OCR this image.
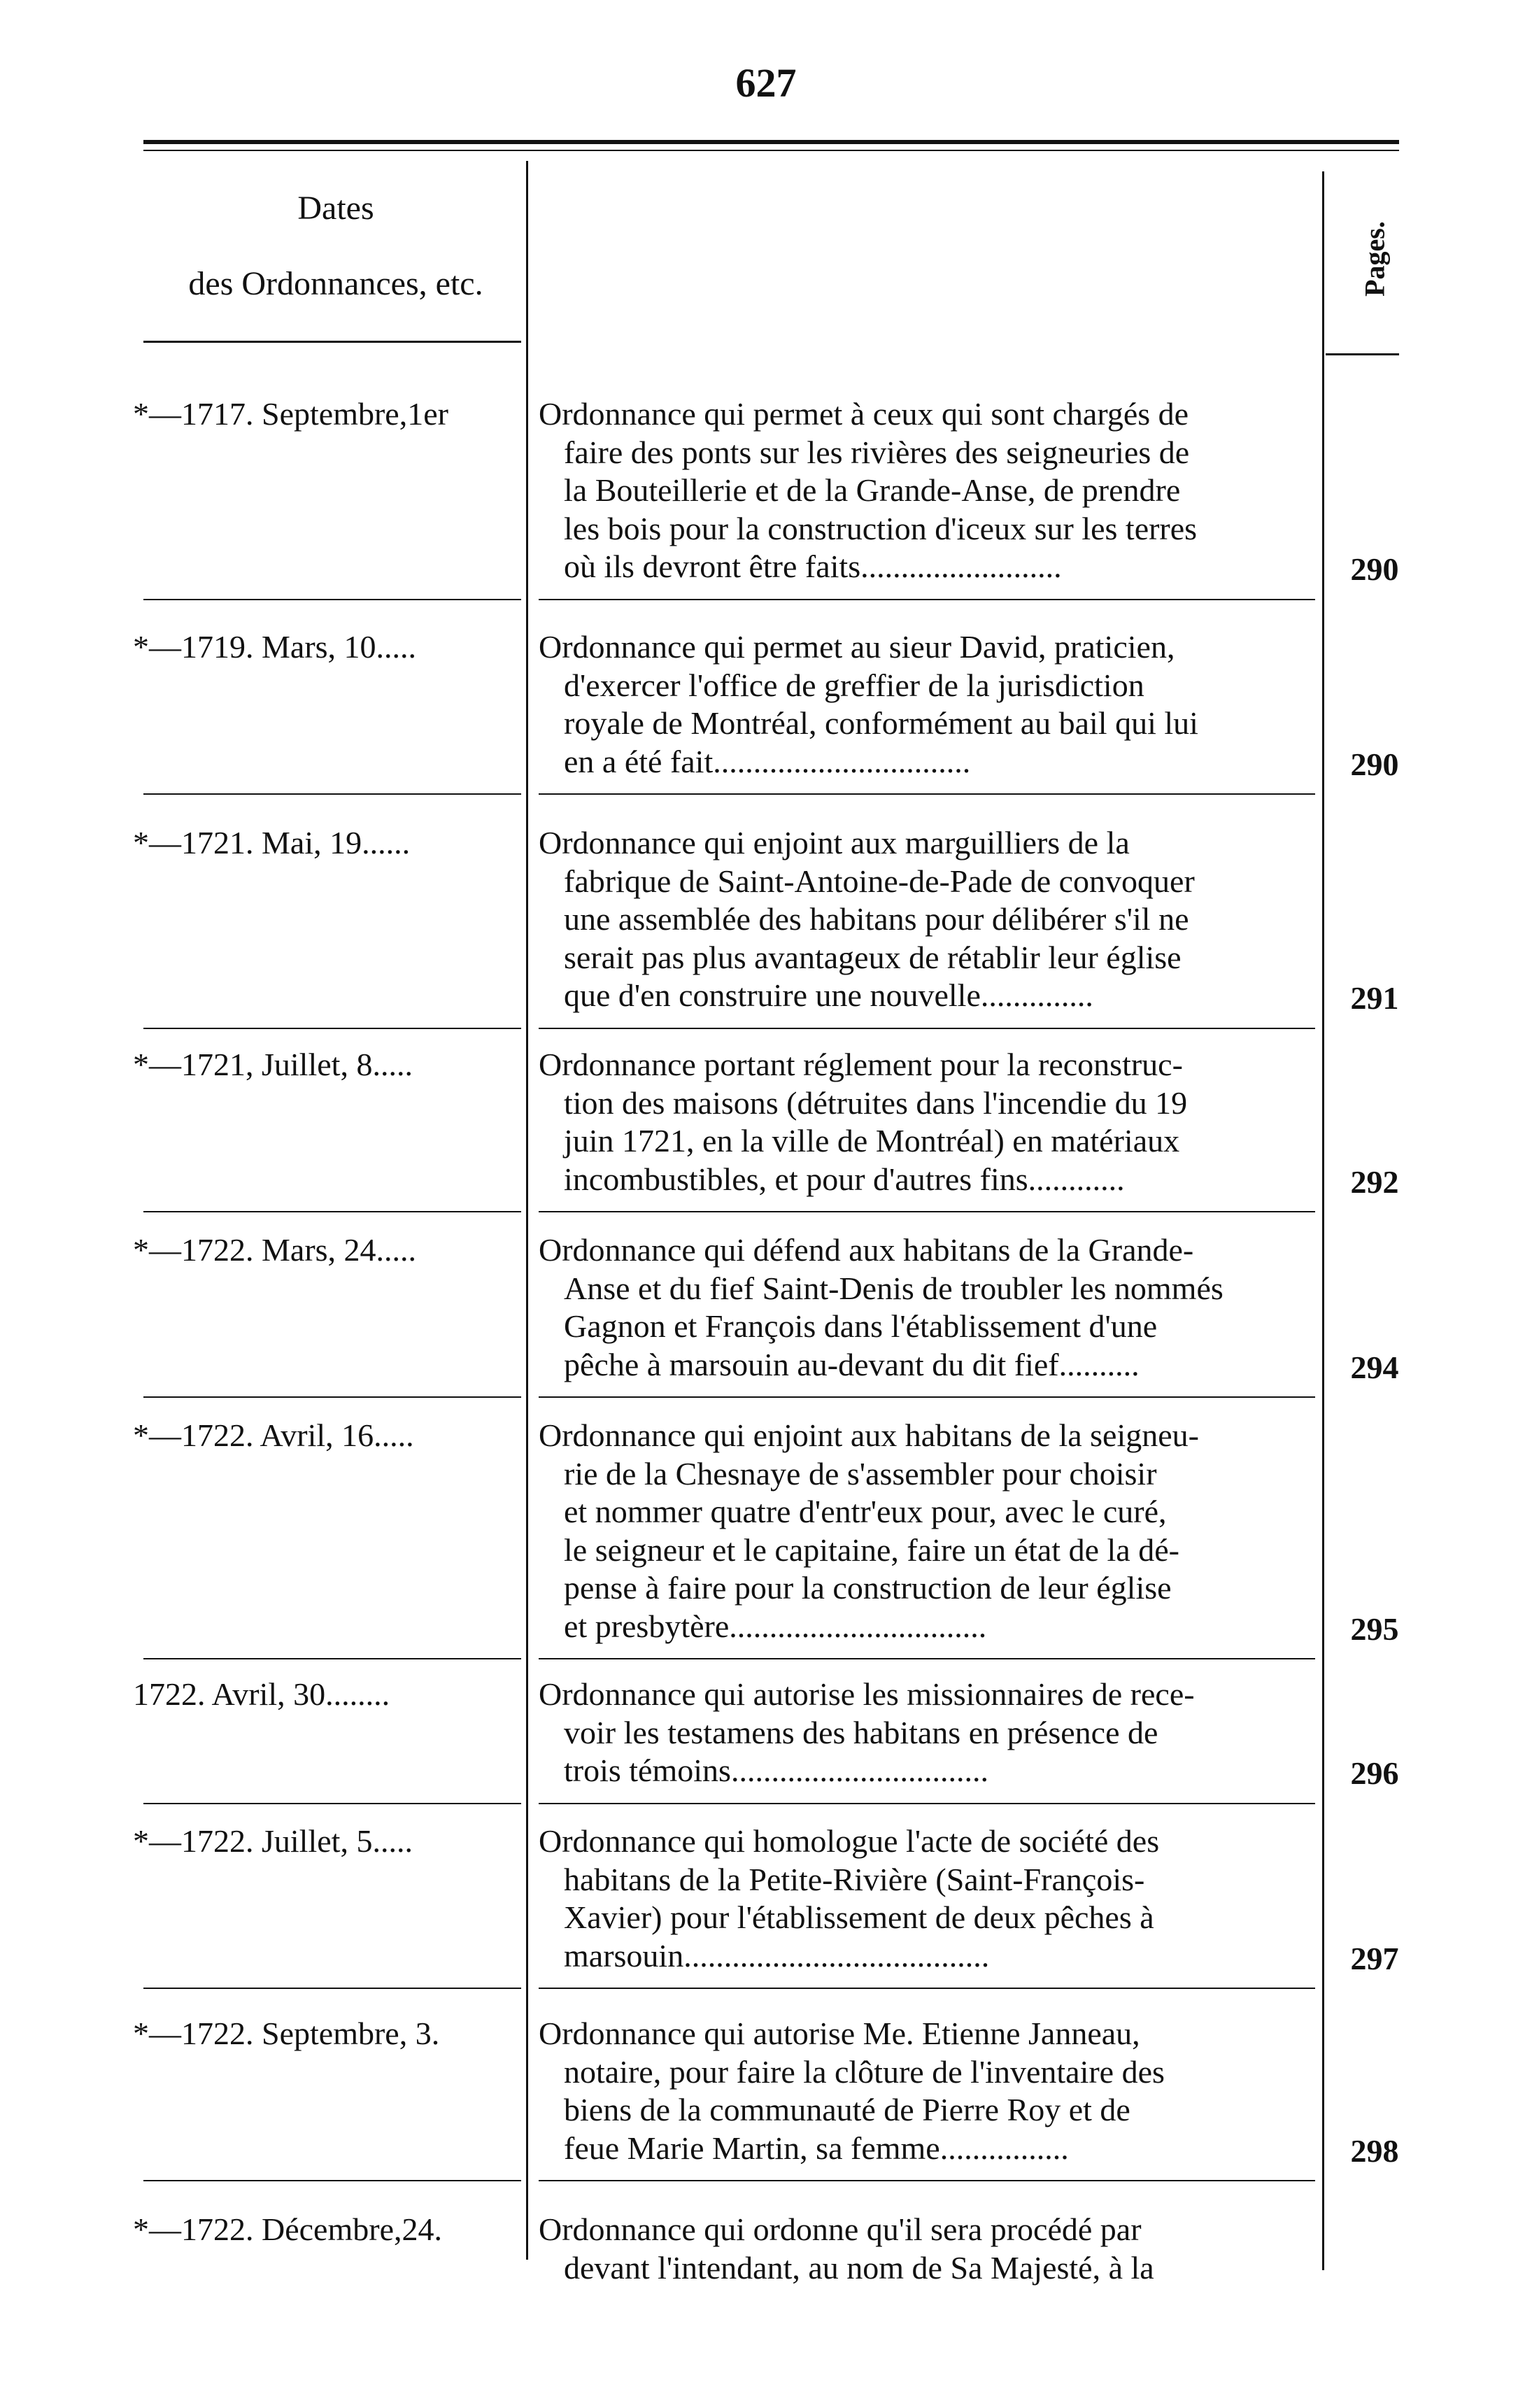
627
Dates
des Ordonnances, etc.	Pages.
*—1717. Septembre,1er	Ordonnance qui permet à ceux qui sont chargés de
faire des ponts sur les rivières des seigneuries de
la Bouteillerie et de la Grande-Anse, de prendre
les bois pour la construction d'iceux sur les terres
où ils devront être faits.........................	290
*—1719. Mars, 10.....	Ordonnance qui permet au sieur David, praticien,
d'exercer l'office de greffier de la jurisdiction
royale de Montréal, conformément au bail qui lui
en a été fait................................	290
*—1721. Mai, 19......	Ordonnance qui enjoint aux marguilliers de la
fabrique de Saint-Antoine-de-Pade de convoquer
une assemblée des habitans pour délibérer s'il ne
serait pas plus avantageux de rétablir leur église
que d'en construire une nouvelle..............	291
*—1721, Juillet, 8.....	Ordonnance portant réglement pour la reconstruc-
tion des maisons (détruites dans l'incendie du 19
juin 1721, en la ville de Montréal) en matériaux
incombustibles, et pour d'autres fins............	292
*—1722. Mars, 24.....	Ordonnance qui défend aux habitans de la Grande-
Anse et du fief Saint-Denis de troubler les nommés
Gagnon et François dans l'établissement d'une
pêche à marsouin au-devant du dit fief..........	294
*—1722. Avril, 16.....	Ordonnance qui enjoint aux habitans de la seigneu-
rie de la Chesnaye de s'assembler pour choisir
et nommer quatre d'entr'eux pour, avec le curé,
le seigneur et le capitaine, faire un état de la dé-
pense à faire pour la construction de leur église
et presbytère................................	295
1722. Avril, 30........	Ordonnance qui autorise les missionnaires de rece-
voir les testamens des habitans en présence de
trois témoins................................	296
*—1722. Juillet, 5.....	Ordonnance qui homologue l'acte de société des
habitans de la Petite-Rivière (Saint-François-
Xavier) pour l'établissement de deux pêches à
marsouin......................................	297
*—1722. Septembre, 3.	Ordonnance qui autorise Me. Etienne Janneau,
notaire, pour faire la clôture de l'inventaire des
biens de la communauté de Pierre Roy et de
feue Marie Martin, sa femme................	298
*—1722. Décembre,24.	Ordonnance qui ordonne qu'il sera procédé par
devant l'intendant, au nom de Sa Majesté, à la
